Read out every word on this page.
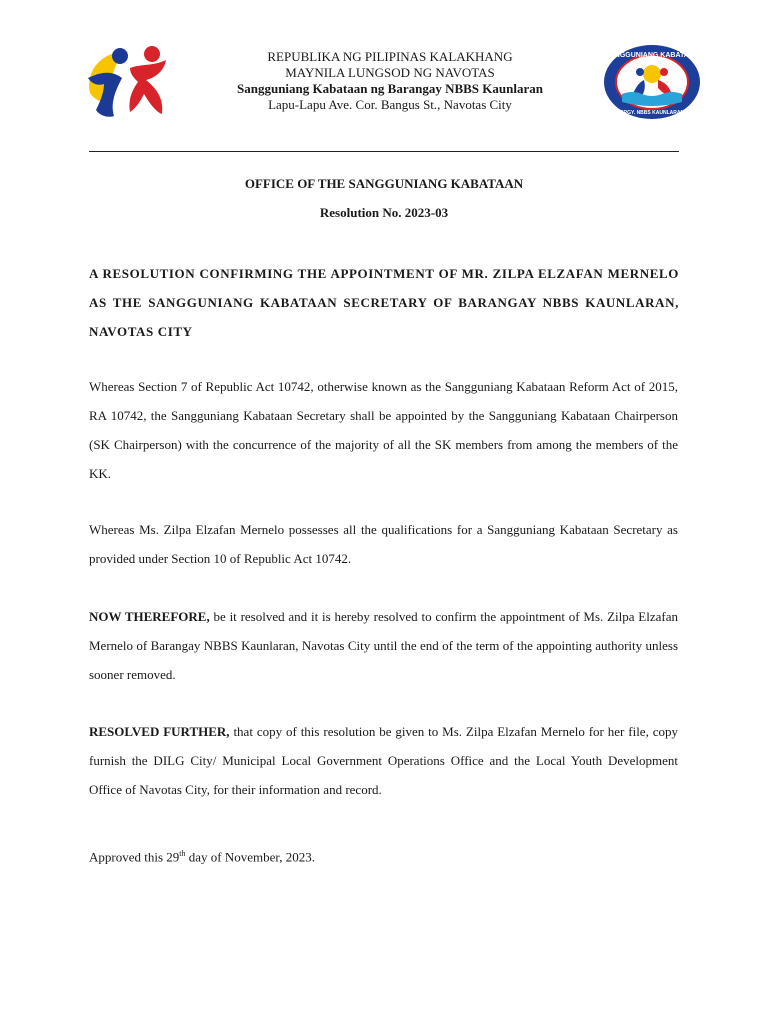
REPUBLIKA NG PILIPINAS KALAKHANG
MAYNILA LUNGSOD NG NAVOTAS
Sangguniang Kabataan ng Barangay NBBS Kaunlaran
Lapu-Lapu Ave. Cor. Bangus St., Navotas City
SANGGUNIANG KABATAAN
BRGY. NBBS KAUNLARAN
OFFICE OF THE SANGGUNIANG KABATAAN
Resolution No. 2023-03
A RESOLUTION CONFIRMING THE APPOINTMENT OF MR. ZILPA ELZAFAN MERNELO AS THE SANGGUNIANG KABATAAN SECRETARY OF BARANGAY NBBS KAUNLARAN, NAVOTAS CITY

Whereas Section 7 of Republic Act 10742, otherwise known as the Sangguniang Kabataan Reform Act of 2015, RA 10742, the Sangguniang Kabataan Secretary shall be appointed by the Sangguniang Kabataan Chairperson (SK Chairperson) with the concurrence of the majority of all the SK members from among the members of the KK.

Whereas Ms. Zilpa Elzafan Mernelo possesses all the qualifications for a Sangguniang Kabataan Secretary as provided under Section 10 of Republic Act 10742.

NOW THEREFORE, be it resolved and it is hereby resolved to confirm the appointment of Ms. Zilpa Elzafan Mernelo of Barangay NBBS Kaunlaran, Navotas City until the end of the term of the appointing authority unless sooner removed.

RESOLVED FURTHER, that copy of this resolution be given to Ms. Zilpa Elzafan Mernelo for her file, copy furnish the DILG City/ Municipal Local Government Operations Office and the Local Youth Development Office of Navotas City, for their information and record.

Approved this 29th day of November, 2023.
